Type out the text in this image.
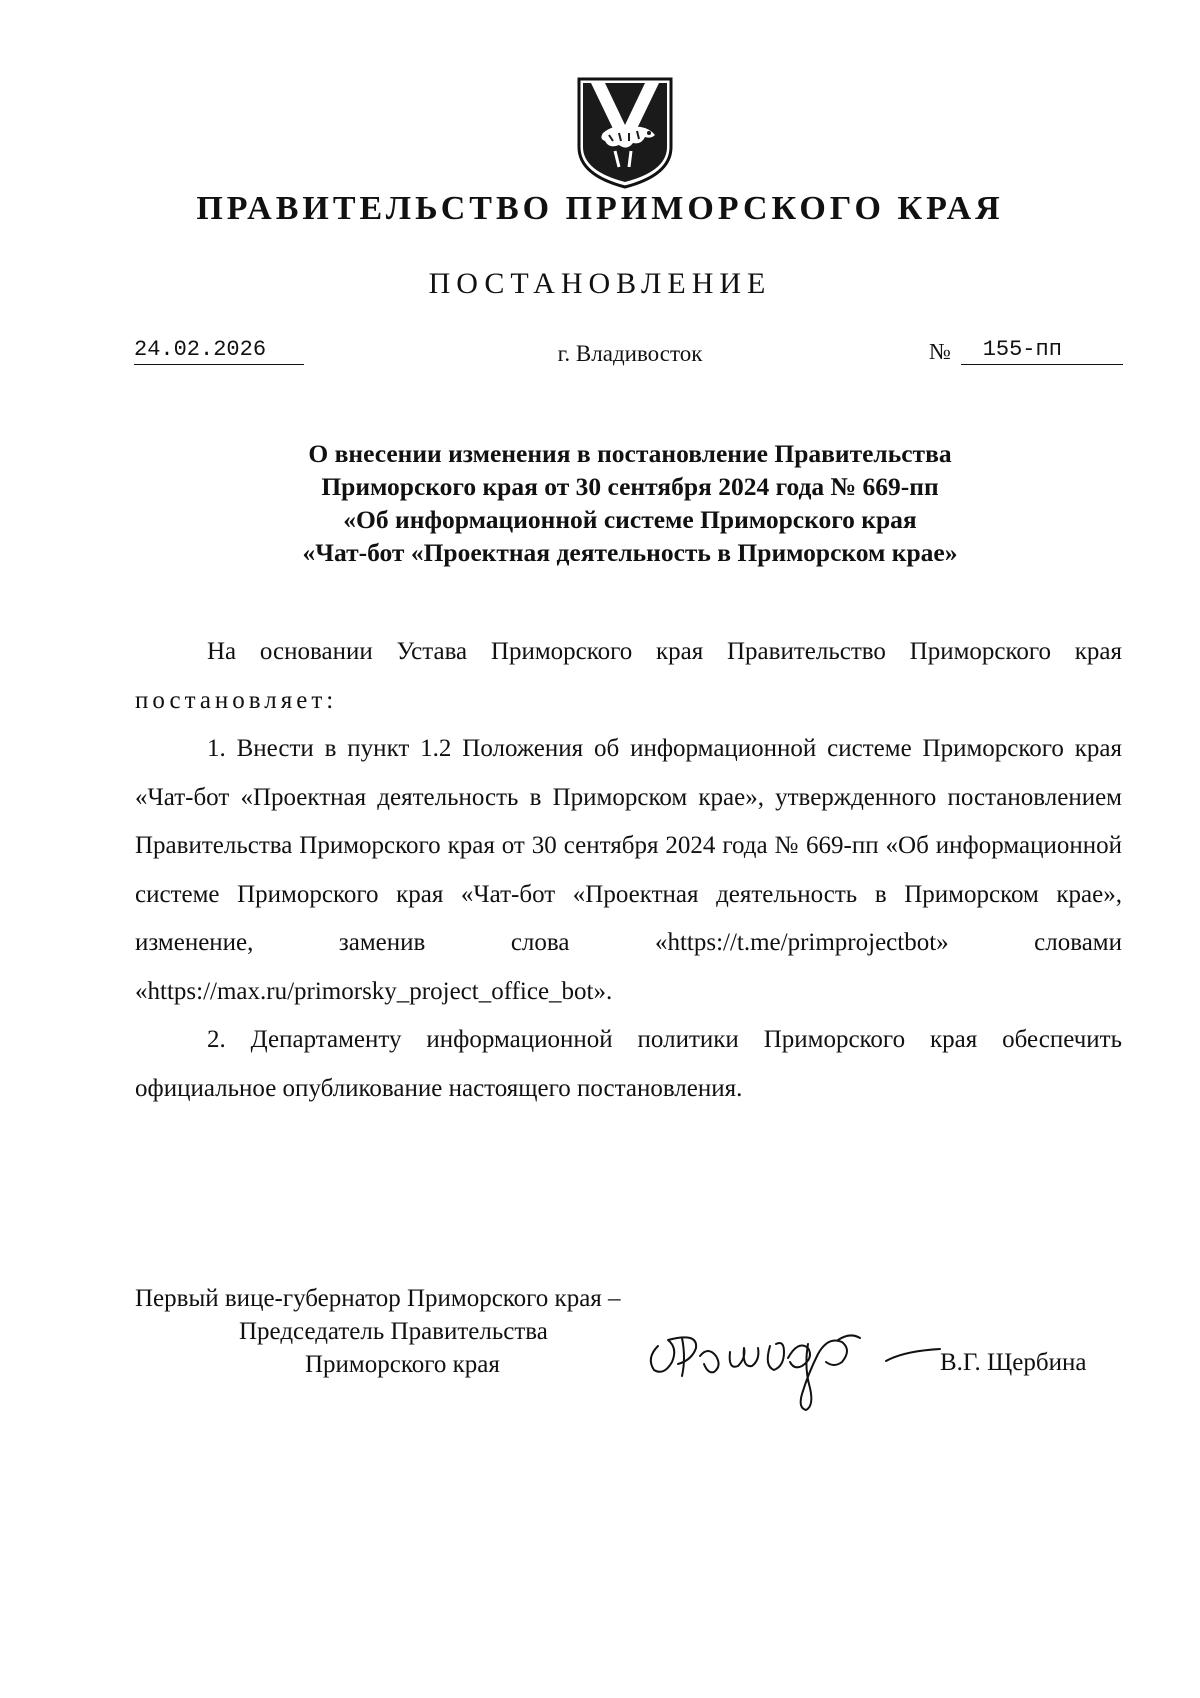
ПРАВИТЕЛЬСТВО ПРИМОРСКОГО КРАЯ
ПОСТАНОВЛЕНИЕ
24.02.2026	г. Владивосток	№ 155-пп
О внесении изменения в постановление Правительства
Приморского края от 30 сентября 2024 года № 669-пп
«Об информационной системе Приморского края
«Чат-бот «Проектная деятельность в Приморском крае»

На основании Устава Приморского края Правительство Приморского края постановляет:

1. Внести в пункт 1.2 Положения об информационной системе Приморского края «Чат-бот «Проектная деятельность в Приморском крае», утвержденного постановлением Правительства Приморского края от 30 сентября 2024 года № 669-пп «Об информационной системе Приморского края «Чат-бот «Проектная деятельность в Приморском крае», изменение, заменив слова «https://t.me/primprojectbot» словами «https://max.ru/primorsky_project_office_bot».

2. Департаменту информационной политики Приморского края обеспечить официальное опубликование настоящего постановления.

Первый вице-губернатор Приморского края –
Председатель Правительства
Приморского края	В.Г. Щербина
